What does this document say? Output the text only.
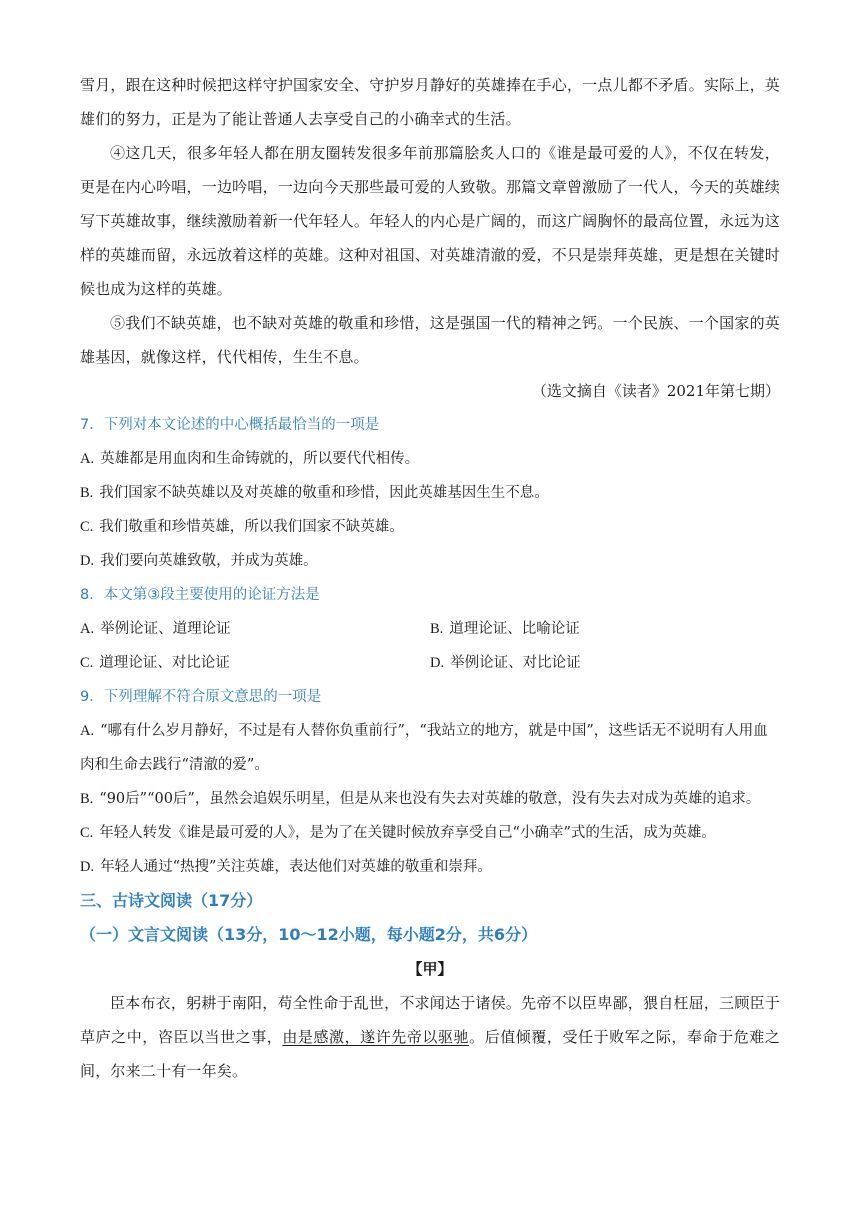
雪月，跟在这种时候把这样守护国家安全、守护岁月静好的英雄捧在手心，一点儿都不矛盾。实际上，英雄们的努力，正是为了能让普通人去享受自己的小确幸式的生活。

④这几天，很多年轻人都在朋友圈转发很多年前那篇脍炙人口的《谁是最可爱的人》，不仅在转发，更是在内心吟唱，一边吟唱，一边向今天那些最可爱的人致敬。那篇文章曾激励了一代人，今天的英雄续写下英雄故事，继续激励着新一代年轻人。年轻人的内心是广阔的，而这广阔胸怀的最高位置，永远为这样的英雄而留，永远放着这样的英雄。这种对祖国、对英雄清澈的爱，不只是崇拜英雄，更是想在关键时候也成为这样的英雄。

⑤我们不缺英雄，也不缺对英雄的敬重和珍惜，这是强国一代的精神之钙。一个民族、一个国家的英雄基因，就像这样，代代相传，生生不息。

（选文摘自《读者》2021年第七期）

7．下列对本文论述的中心概括最恰当的一项是

A. 英雄都是用血肉和生命铸就的，所以要代代相传。

B. 我们国家不缺英雄以及对英雄的敬重和珍惜，因此英雄基因生生不息。

C. 我们敬重和珍惜英雄，所以我们国家不缺英雄。

D. 我们要向英雄致敬，并成为英雄。

8．本文第③段主要使用的论证方法是

A. 举例论证、道理论证	B. 道理论证、比喻论证

C. 道理论证、对比论证	D. 举例论证、对比论证

9．下列理解不符合原文意思的一项是

A. “哪有什么岁月静好，不过是有人替你负重前行”，“我站立的地方，就是中国”，这些话无不说明有人用血肉和生命去践行“清澈的爱”。

B. “90后”“00后”，虽然会追娱乐明星，但是从来也没有失去对英雄的敬意，没有失去对成为英雄的追求。

C. 年轻人转发《谁是最可爱的人》，是为了在关键时候放弃享受自己“小确幸”式的生活，成为英雄。

D. 年轻人通过“热搜”关注英雄，表达他们对英雄的敬重和崇拜。

三、古诗文阅读（17分）

（一）文言文阅读（13分，10～12小题，每小题2分，共6分）

【甲】

臣本布衣，躬耕于南阳，苟全性命于乱世，不求闻达于诸侯。先帝不以臣卑鄙，猥自枉屈，三顾臣于草庐之中，咨臣以当世之事，由是感激，遂许先帝以驱驰。后值倾覆，受任于败军之际，奉命于危难之间，尔来二十有一年矣。
